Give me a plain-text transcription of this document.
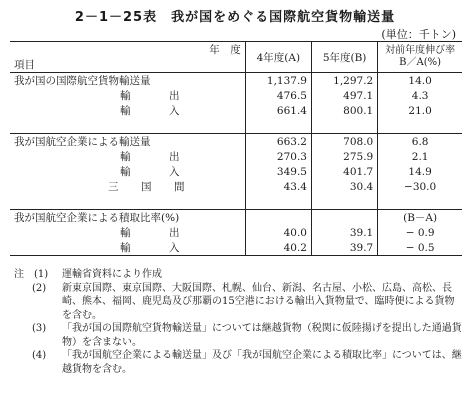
2－1－25表　我が国をめぐる国際航空貨物輸送量
(単位：千トン)
年　度	4年度(A)	5年度(B)	対前年度伸び率
B／A(%)

項目			
我が国の国際航空貨物輸送量	1,137.9	1,297.2	14.0
輸　出	476.5	497.1	4.3
輸　入	661.4	800.1	21.0

我が国航空企業による輸送量	663.2	708.0	6.8
輸　出	270.3	275.9	2.1
輸　入	349.5	401.7	14.9
三　国　間	43.4	30.4	−30.0

我が国航空企業による積取比率(%)			(B－A)
輸　出	40.0	39.1	− 0.9
輸　入	40.2	39.7	− 0.5
注　(1)	運輸省資料により作成
(2)	新東京国際、東京国際、大阪国際、札幌、仙台、新潟、名古屋、小松、広島、高松、長崎、熊本、福岡、鹿児島及び那覇の15空港における輸出入貨物量で、臨時便による貨物を含む。
(3)	「我が国の国際航空貨物輸送量」については継越貨物（税関に仮陸揚げを提出した通過貨物）を含まない。
(4)	「我が国航空企業による輸送量」及び「我が国航空企業による積取比率」については、継越貨物を含む。
